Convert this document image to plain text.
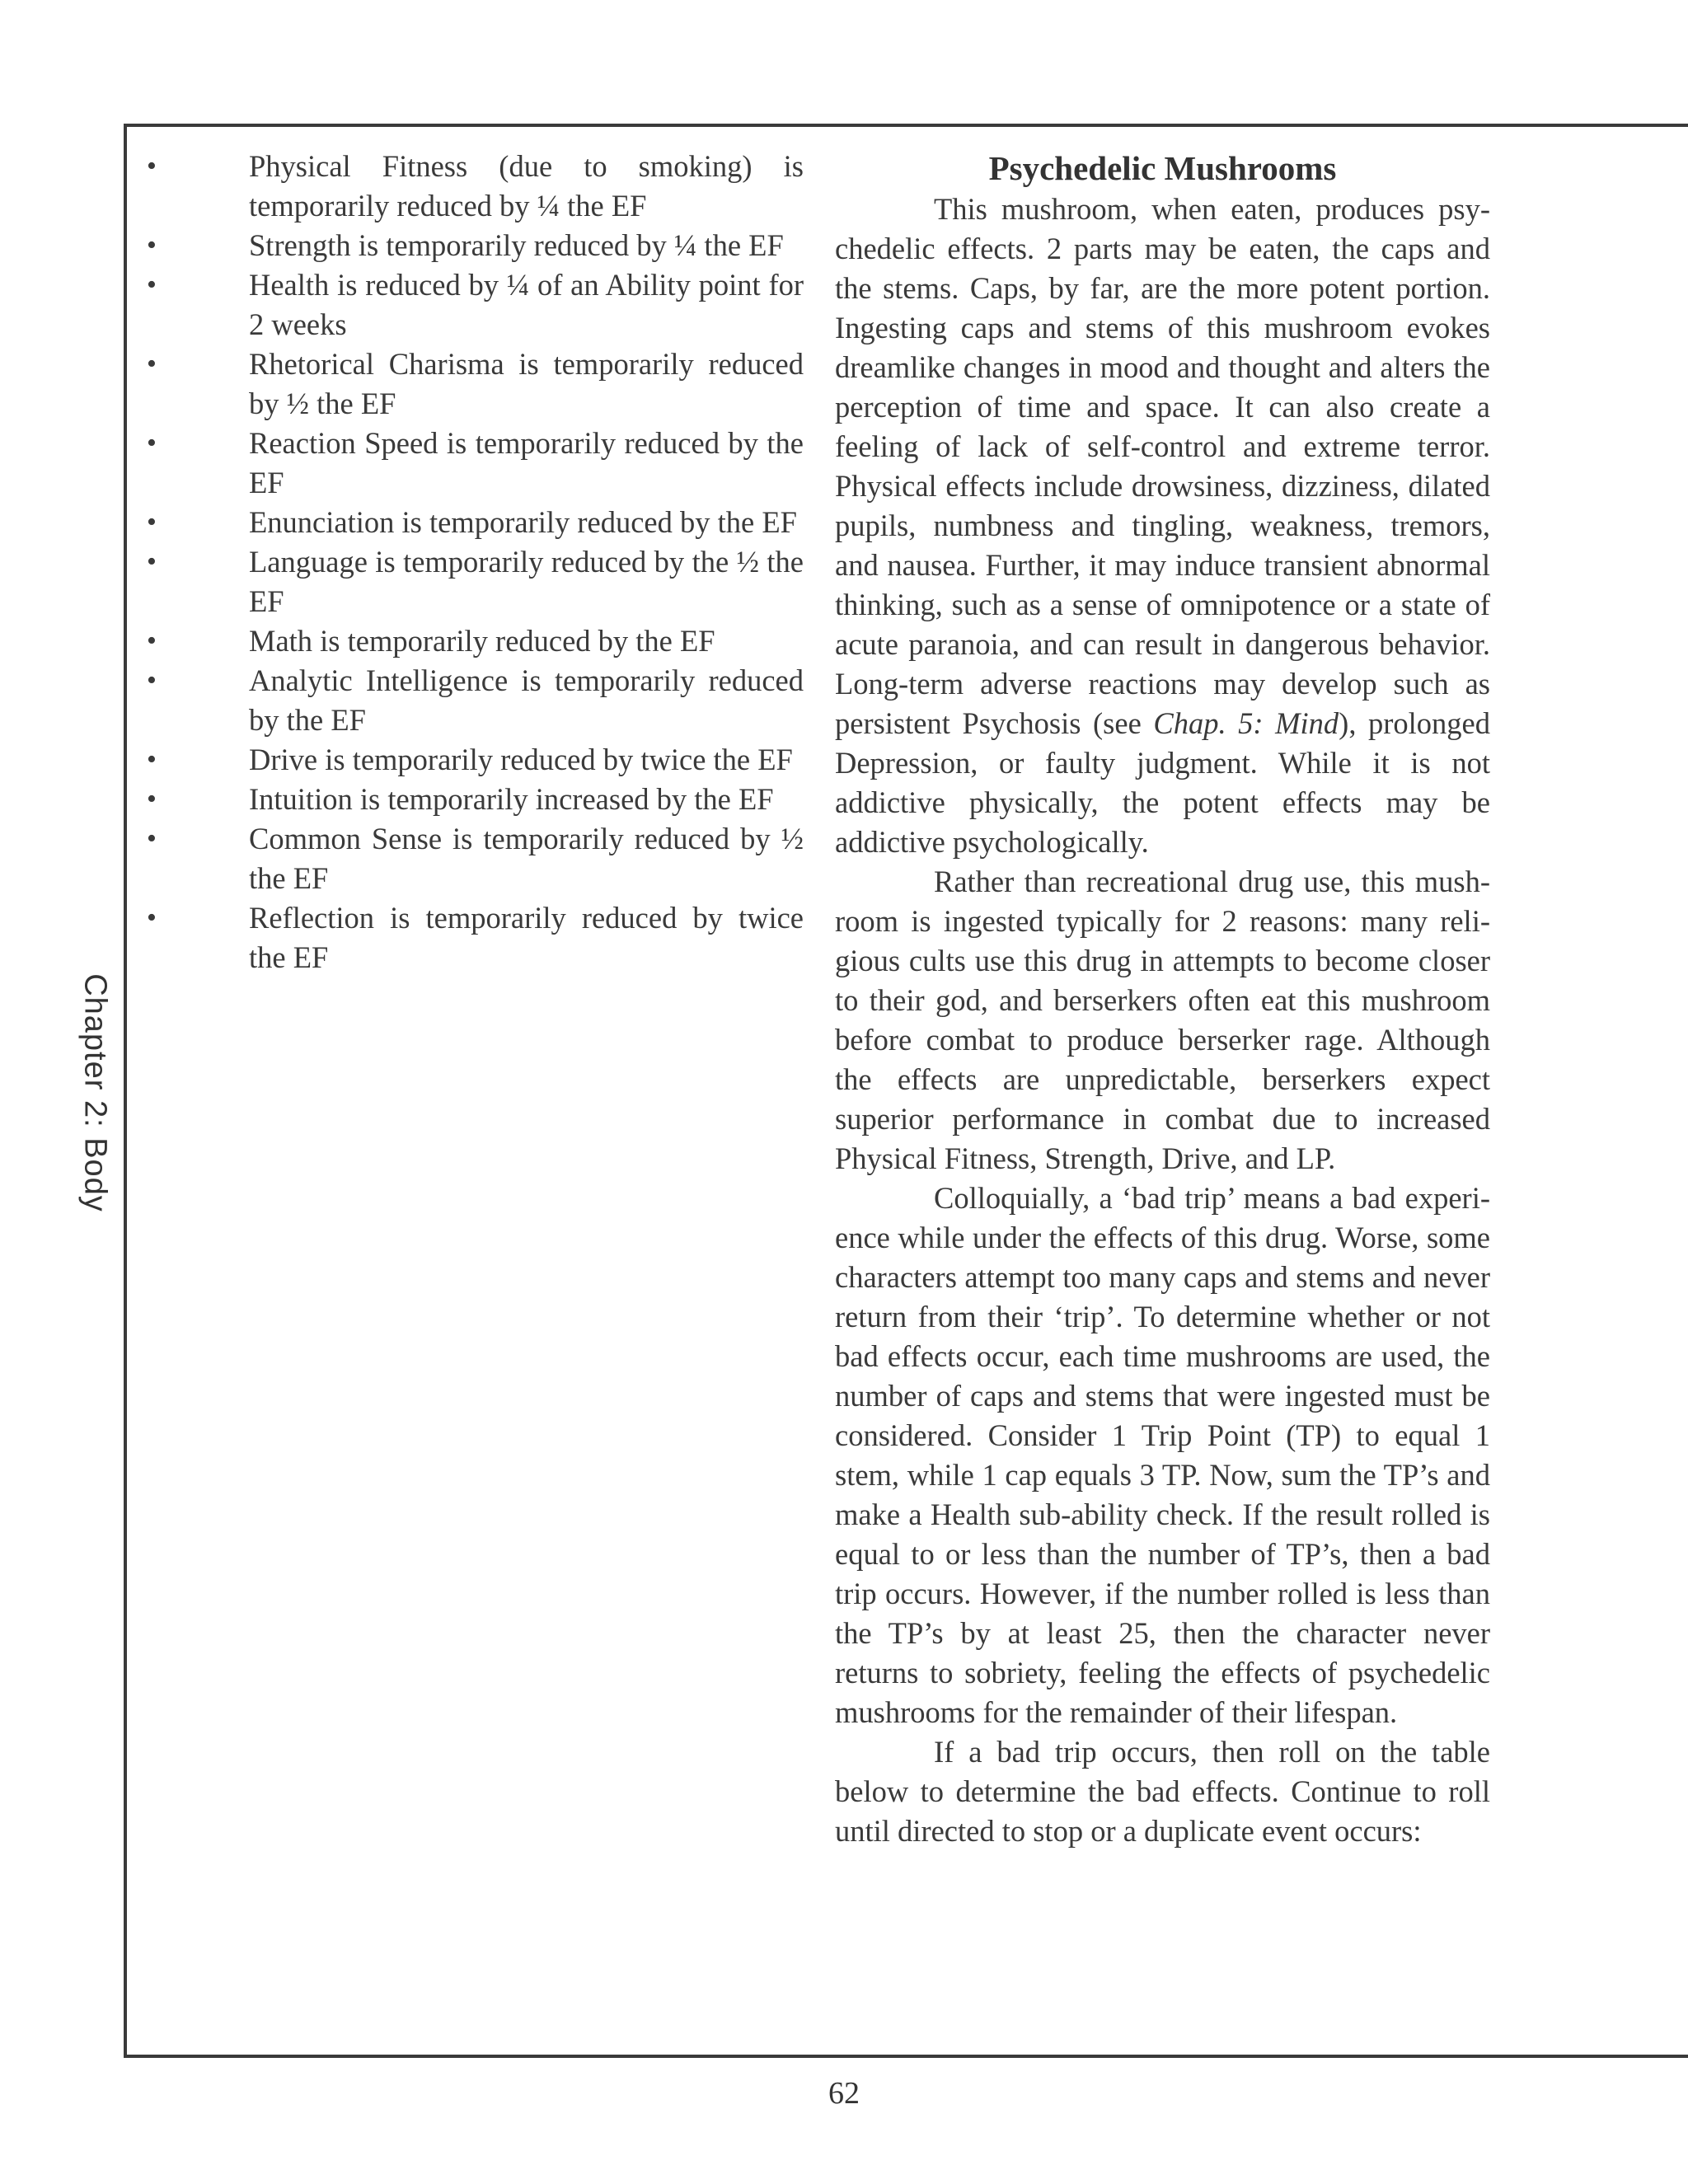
Chapter 2: Body
•	Physical Fitness (due to smoking) is temporarily reduced by ¼ the EF
•	Strength is temporarily reduced by ¼ the EF
•	Health is reduced by ¼ of an Ability point for 2 weeks
•	Rhetorical Charisma is temporarily reduced by ½ the EF
•	Reaction Speed is temporarily reduced by the EF
•	Enunciation is temporarily reduced by the EF
•	Language is temporarily reduced by the ½ the EF
•	Math is temporarily reduced by the EF
•	Analytic Intelligence is temporarily reduced by the EF
•	Drive is temporarily reduced by twice the EF
•	Intuition is temporarily increased by the EF
•	Common Sense is temporarily reduced by ½ the EF
•	Reflection is temporarily reduced by twice the EF
Psychedelic Mushrooms

This mushroom, when eaten, produces psychedelic effects. 2 parts may be eaten, the caps and the stems. Caps, by far, are the more potent portion. Ingesting caps and stems of this mushroom evokes dreamlike changes in mood and thought and alters the perception of time and space. It can also create a feeling of lack of self-control and extreme terror. Physical effects include drowsiness, dizziness, dilated pupils, numbness and tingling, weakness, tremors, and nausea. Further, it may induce transient abnormal thinking, such as a sense of omnipotence or a state of acute paranoia, and can result in dangerous behavior. Long-term adverse reactions may develop such as persistent Psychosis (see Chap. 5: Mind), prolonged Depression, or faulty judgment. While it is not addictive physically, the potent effects may be addictive psychologically.

Rather than recreational drug use, this mushroom is ingested typically for 2 reasons: many religious cults use this drug in attempts to become closer to their god, and berserkers often eat this mushroom before combat to produce berserker rage. Although the effects are unpredictable, berserkers expect superior performance in combat due to increased Physical Fitness, Strength, Drive, and LP.

Colloquially, a ‘bad trip’ means a bad experience while under the effects of this drug. Worse, some characters attempt too many caps and stems and never return from their ‘trip’. To determine whether or not bad effects occur, each time mushrooms are used, the number of caps and stems that were ingested must be considered. Consider 1 Trip Point (TP) to equal 1 stem, while 1 cap equals 3 TP. Now, sum the TP’s and make a Health sub-ability check. If the result rolled is equal to or less than the number of TP’s, then a bad trip occurs. However, if the number rolled is less than the TP’s by at least 25, then the character never returns to sobriety, feeling the effects of psychedelic mushrooms for the remainder of their lifespan.

If a bad trip occurs, then roll on the table below to determine the bad effects. Continue to roll until directed to stop or a duplicate event occurs:

62
